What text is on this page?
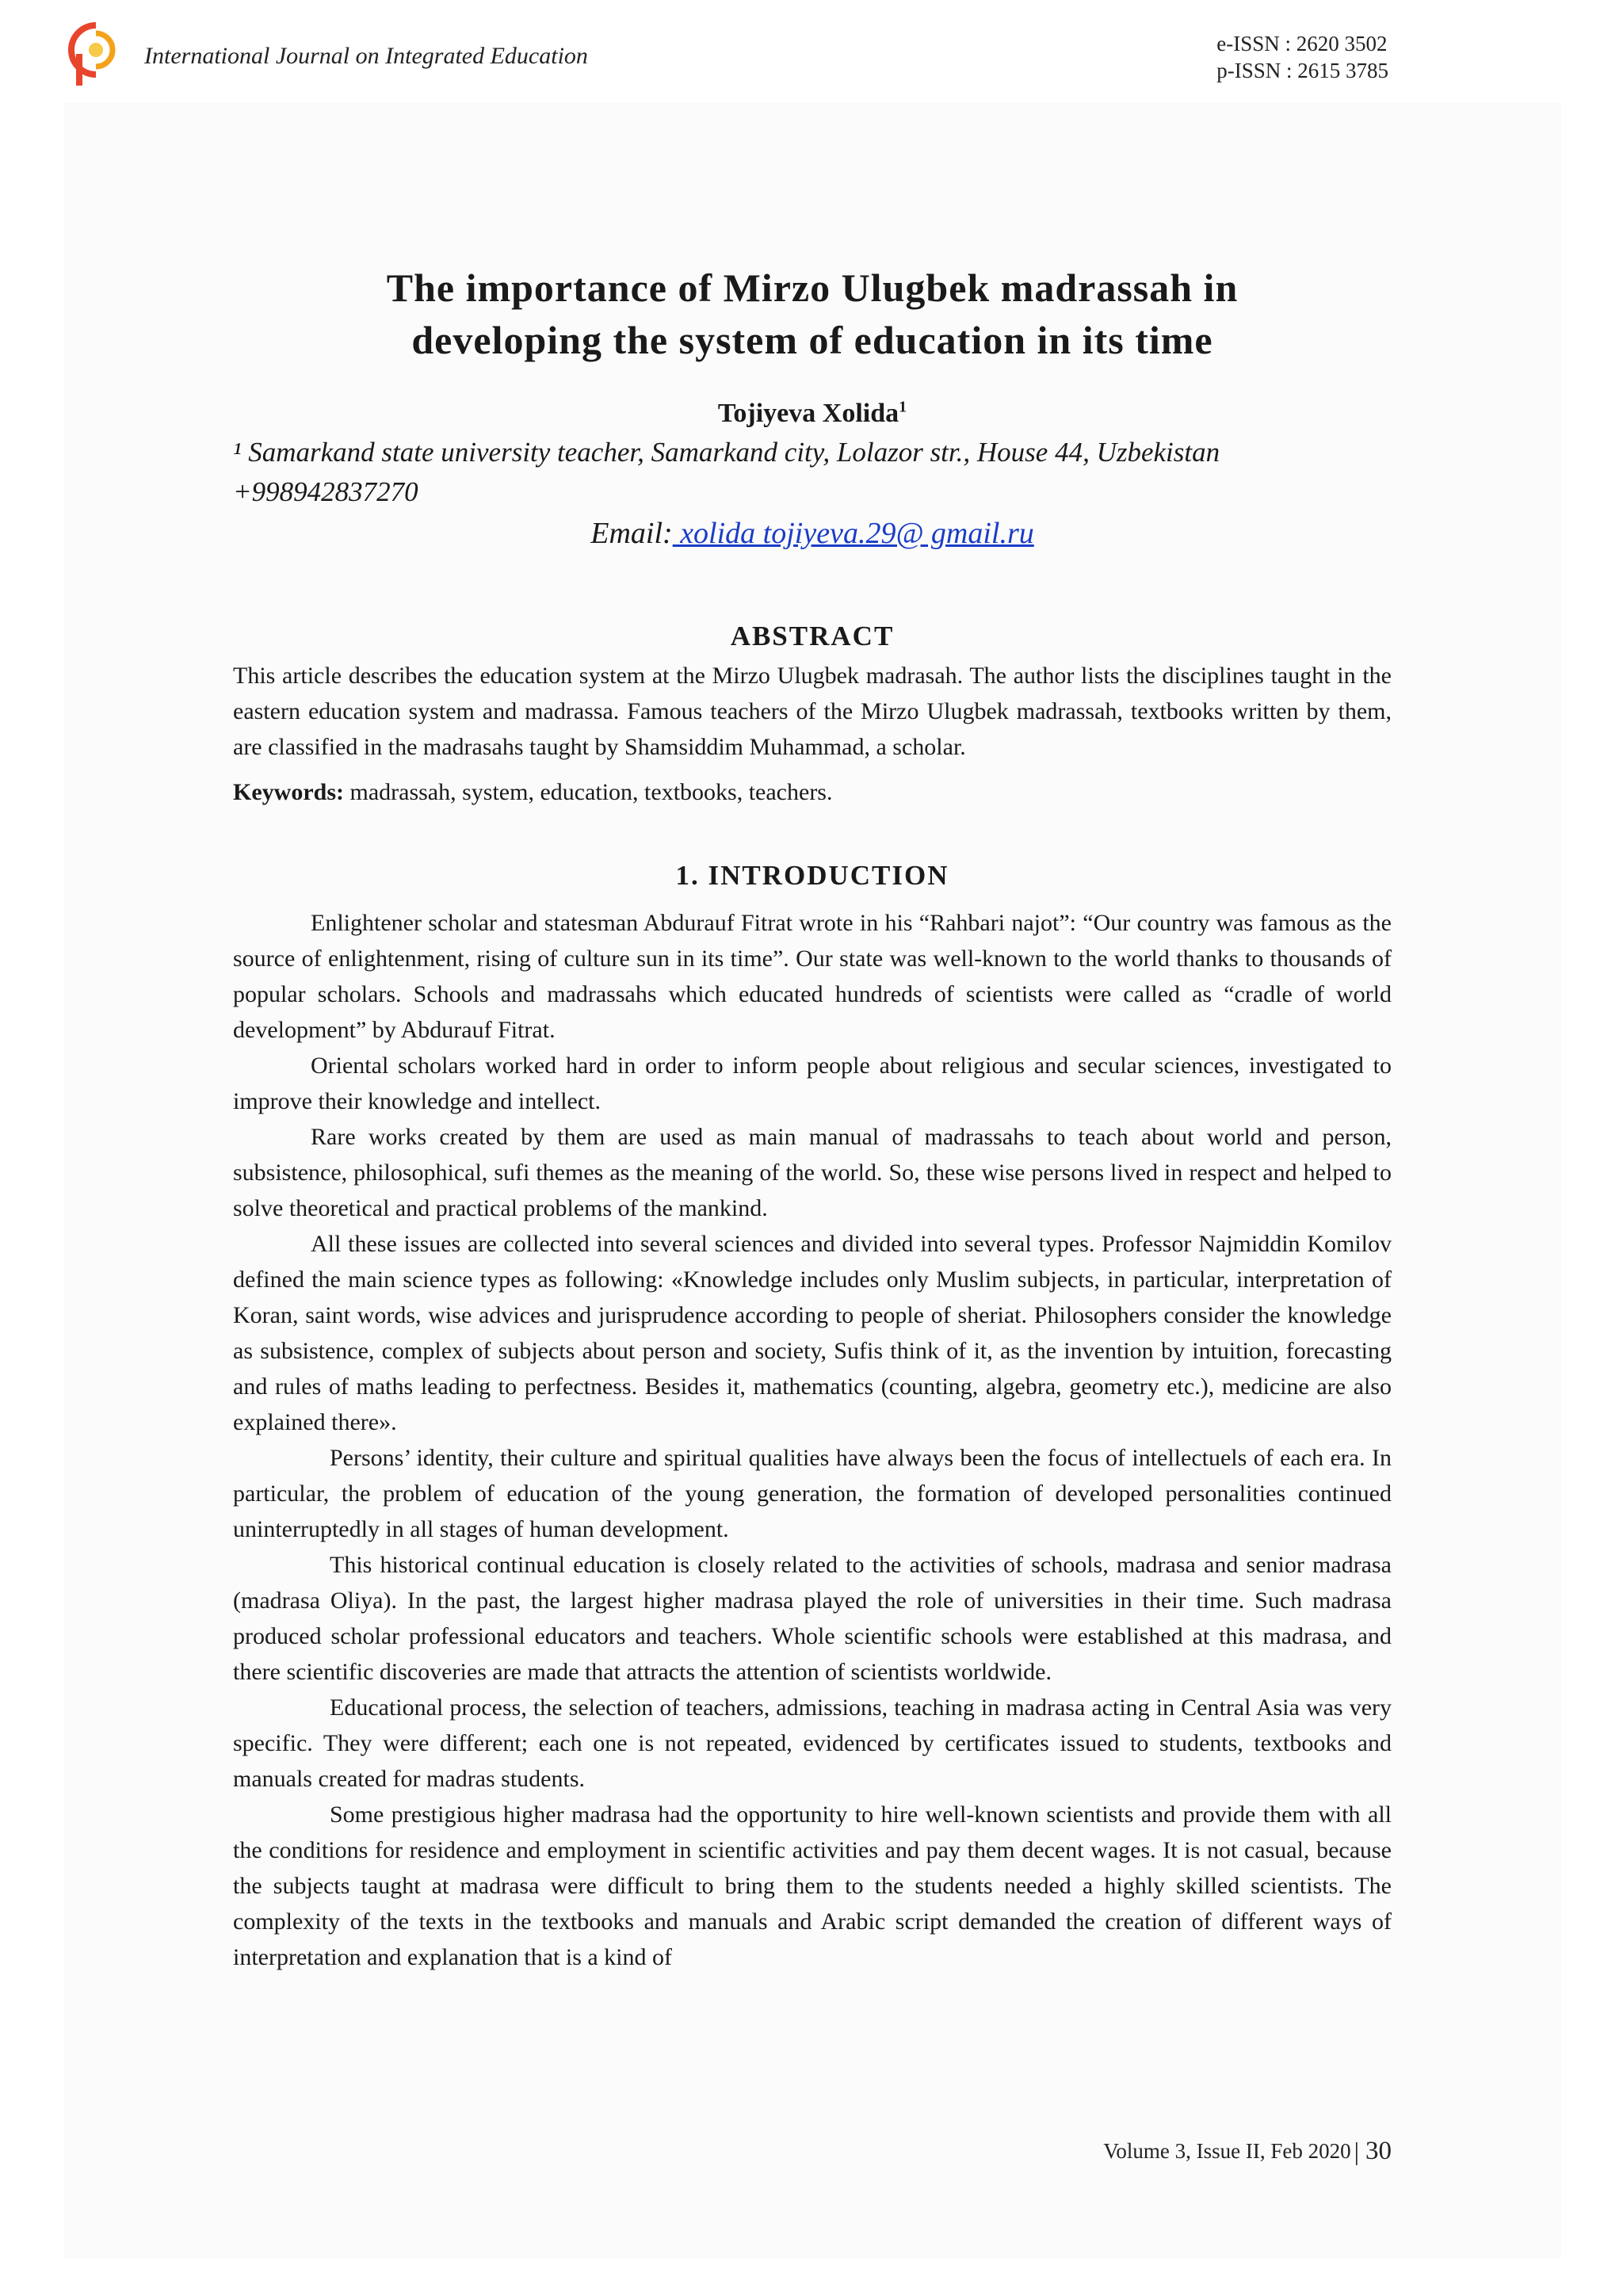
International Journal on Integrated Education	e-ISSN : 2620 3502
p-ISSN : 2615 3785
The importance of Mirzo Ulugbek madrassah in
developing the system of education in its time
Tojiyeva Xolida$^1$
¹ Samarkand state university teacher, Samarkand city, Lolazor str., House 44, Uzbekistan
+998942837270
Email: xolida tojiyeva.29@ gmail.ru
ABSTRACT

This article describes the education system at the Mirzo Ulugbek madrasah. The author lists the disciplines taught in the eastern education system and madrassa. Famous teachers of the Mirzo Ulugbek madrassah, textbooks written by them, are classified in the madrasahs taught by Shamsiddim Muhammad, a scholar.

Keywords: madrassah, system, education, textbooks, teachers.

1. INTRODUCTION

Enlightener scholar and statesman Abdurauf Fitrat wrote in his “Rahbari najot”: “Our country was famous as the source of enlightenment, rising of culture sun in its time”. Our state was well-known to the world thanks to thousands of popular scholars. Schools and madrassahs which educated hundreds of scientists were called as “cradle of world development” by Abdurauf Fitrat.

Oriental scholars worked hard in order to inform people about religious and secular sciences, investigated to improve their knowledge and intellect.

Rare works created by them are used as main manual of madrassahs to teach about world and person, subsistence, philosophical, sufi themes as the meaning of the world. So, these wise persons lived in respect and helped to solve theoretical and practical problems of the mankind.

All these issues are collected into several sciences and divided into several types. Professor Najmiddin Komilov defined the main science types as following: «Knowledge includes only Muslim subjects, in particular, interpretation of Koran, saint words, wise advices and jurisprudence according to people of sheriat. Philosophers consider the knowledge as subsistence, complex of subjects about person and society, Sufis think of it, as the invention by intuition, forecasting and rules of maths leading to perfectness. Besides it, mathematics (counting, algebra, geometry etc.), medicine are also explained there».

Persons’ identity, their culture and spiritual qualities have always been the focus of intellectuels of each era. In particular, the problem of education of the young generation, the formation of developed personalities continued uninterruptedly in all stages of human development.

This historical continual education is closely related to the activities of schools, madrasa and senior madrasa (madrasa Oliya). In the past, the largest higher madrasa played the role of universities in their time. Such madrasa produced scholar professional educators and teachers. Whole scientific schools were established at this madrasa, and there scientific discoveries are made that attracts the attention of scientists worldwide.

Educational process, the selection of teachers, admissions, teaching in madrasa acting in Central Asia was very specific. They were different; each one is not repeated, evidenced by certificates issued to students, textbooks and manuals created for madras students.

Some prestigious higher madrasa had the opportunity to hire well-known scientists and provide them with all the conditions for residence and employment in scientific activities and pay them decent wages. It is not casual, because the subjects taught at madrasa were difficult to bring them to the students needed a highly skilled scientists. The complexity of the texts in the textbooks and manuals and Arabic script demanded the creation of different ways of interpretation and explanation that is a kind of

Volume 3, Issue II, Feb 2020 | 30
